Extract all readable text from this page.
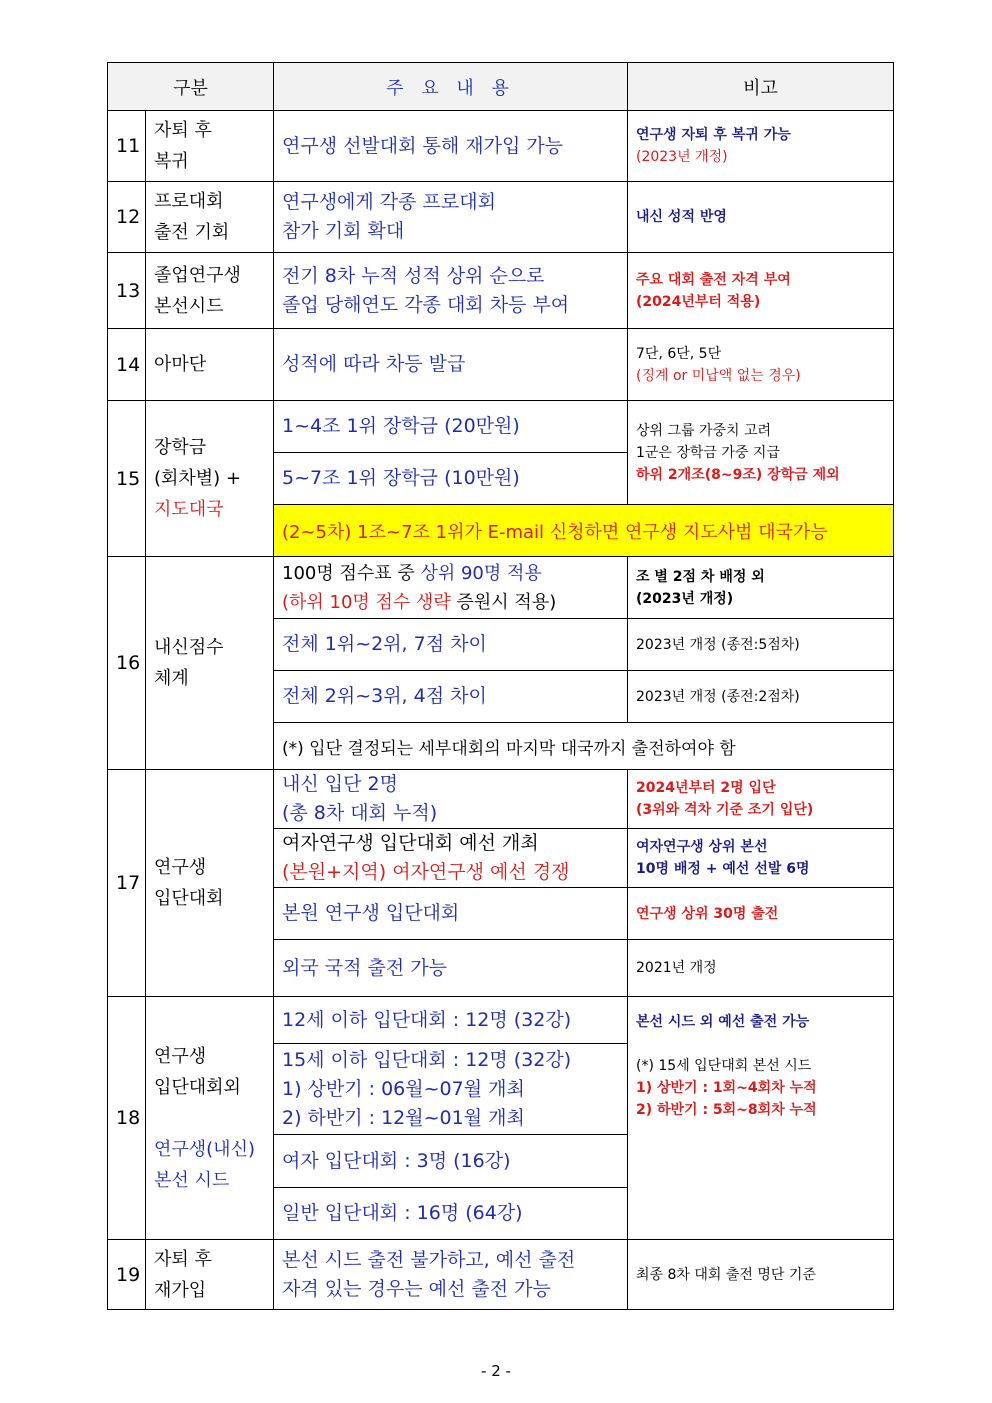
구분		주 요 내 용	비고
11	자퇴 후
복귀	연구생 선발대회 통해 재가입 가능	연구생 자퇴 후 복귀 가능
(2023년 개정)

12	프로대회
출전 기회	연구생에게 각종 프로대회
참가 기회 확대	내신 성적 반영
13	졸업연구생
본선시드	전기 8차 누적 성적 상위 순으로
졸업 당해연도 각종 대회 차등 부여	주요 대회 출전 자격 부여
(2024년부터 적용)

14	아마단	성적에 따라 차등 발급	7단, 6단, 5단
(징계 or 미납액 없는 경우)

15	장학금
(회차별) +
지도대국	1~4조 1위 장학금 (20만원)	상위 그룹 가중치 고려
1군은 장학금 가중 지급
하위 2개조(8~9조) 장학금 제외

		5~7조 1위 장학금 (10만원)	
		(2~5차) 1조~7조 1위가 E-mail 신청하면 연구생 지도사범 대국가능	
16	내신점수
체계	100명 점수표 중 상위 90명 적용
(하위 10명 점수 생략 증원시 적용)	조 별 2점 차 배정 외
(2023년 개정)

		전체 1위~2위, 7점 차이	2023년 개정 (종전:5점차)
		전체 2위~3위, 4점 차이	2023년 개정 (종전:2점차)
		(*) 입단 결정되는 세부대회의 마지막 대국까지 출전하여야 함	
17	연구생
입단대회	내신 입단 2명
(총 8차 대회 누적)	2024년부터 2명 입단
(3위와 격차 기준 조기 입단)

		여자연구생 입단대회 예선 개최
(본원+지역) 여자연구생 예선 경쟁	여자연구생 상위 본선
10명 배정 + 예선 선발 6명

		본원 연구생 입단대회	연구생 상위 30명 출전
		외국 국적 출전 가능	2021년 개정
18	연구생
입단대회외

연구생(내신)
본선 시드	12세 이하 입단대회 : 12명 (32강)	본선 시드 외 예선 출전 가능

(*) 15세 입단대회 본선 시드
1) 상반기 : 1회~4회차 누적
2) 하반기 : 5회~8회차 누적

		15세 이하 입단대회 : 12명 (32강)
1) 상반기 : 06월~07월 개최
2) 하반기 : 12월~01월 개최	

		여자 입단대회 : 3명 (16강)	
		일반 입단대회 : 16명 (64강)	
19	자퇴 후
재가입	본선 시드 출전 불가하고, 예선 출전
자격 있는 경우는 예선 출전 가능	최종 8차 대회 출전 명단 기준
- 2 -
